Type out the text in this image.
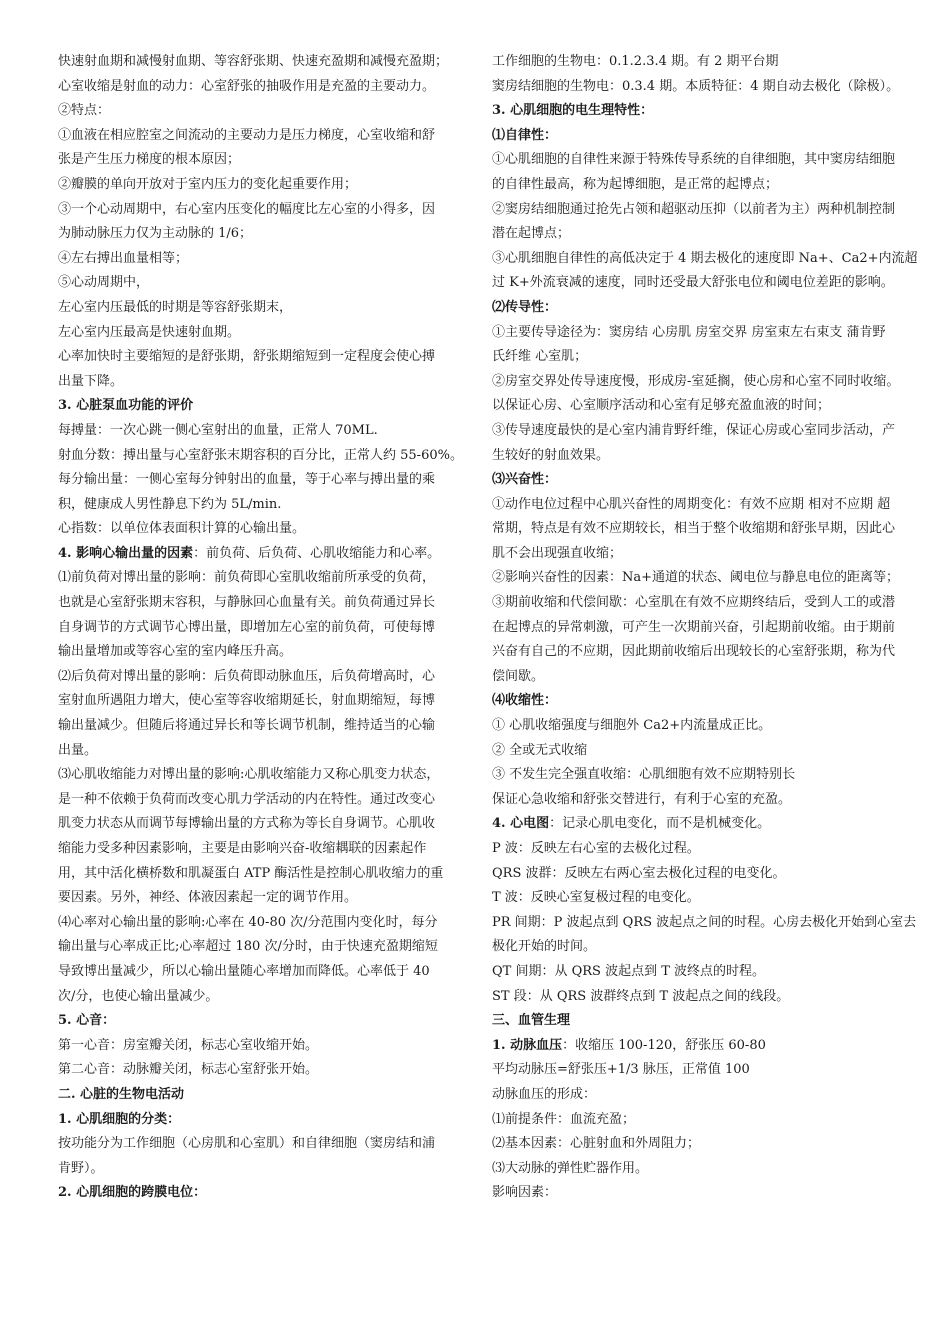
快速射血期和减慢射血期、等容舒张期、快速充盈期和减慢充盈期；
心室收缩是射血的动力：心室舒张的抽吸作用是充盈的主要动力。
②特点：
①血液在相应腔室之间流动的主要动力是压力梯度，心室收缩和舒
张是产生压力梯度的根本原因；
②瓣膜的单向开放对于室内压力的变化起重要作用；
③一个心动周期中，右心室内压变化的幅度比左心室的小得多，因
为肺动脉压力仅为主动脉的 1/6；
④左右搏出血量相等；
⑤心动周期中，
左心室内压最低的时期是等容舒张期末，
左心室内压最高是快速射血期。
心率加快时主要缩短的是舒张期，舒张期缩短到一定程度会使心搏
出量下降。
3. 心脏泵血功能的评价
每搏量：一次心跳一侧心室射出的血量，正常人 70ML.
射血分数：搏出量与心室舒张末期容积的百分比，正常人约 55-60%。
每分输出量：一侧心室每分钟射出的血量，等于心率与搏出量的乘
积，健康成人男性静息下约为 5L/min.
心指数：以单位体表面积计算的心输出量。
4. 影响心输出量的因素：前负荷、后负荷、心肌收缩能力和心率。
⑴前负荷对博出量的影响：前负荷即心室肌收缩前所承受的负荷，
也就是心室舒张期末容积，与静脉回心血量有关。前负荷通过异长
自身调节的方式调节心博出量，即增加左心室的前负荷，可使每博
输出量增加或等容心室的室内峰压升高。
⑵后负荷对博出量的影响：后负荷即动脉血压，后负荷增高时，心
室射血所遇阻力增大，使心室等容收缩期延长，射血期缩短，每博
输出量减少。但随后将通过异长和等长调节机制，维持适当的心输
出量。
⑶心肌收缩能力对博出量的影响:心肌收缩能力又称心肌变力状态，
是一种不依赖于负荷而改变心肌力学活动的内在特性。通过改变心
肌变力状态从而调节每博输出量的方式称为等长自身调节。心肌收
缩能力受多种因素影响，主要是由影响兴奋-收缩耦联的因素起作
用，其中活化横桥数和肌凝蛋白 ATP 酶活性是控制心肌收缩力的重
要因素。另外，神经、体液因素起一定的调节作用。
⑷心率对心输出量的影响:心率在 40-80 次/分范围内变化时，每分
输出量与心率成正比;心率超过 180 次/分时，由于快速充盈期缩短
导致博出量减少，所以心输出量随心率增加而降低。心率低于 40
次/分，也使心输出量减少。
5. 心音：
第一心音：房室瓣关闭，标志心室收缩开始。
第二心音：动脉瓣关闭，标志心室舒张开始。
二. 心脏的生物电活动
1. 心肌细胞的分类：
按功能分为工作细胞（心房肌和心室肌）和自律细胞（窦房结和浦
肯野）。
2. 心肌细胞的跨膜电位：
工作细胞的生物电：0.1.2.3.4 期。有 2 期平台期
窦房结细胞的生物电：0.3.4 期。本质特征：4 期自动去极化（除极）。
3. 心肌细胞的电生理特性：
⑴自律性：
①心肌细胞的自律性来源于特殊传导系统的自律细胞，其中窦房结细胞
的自律性最高，称为起博细胞，是正常的起博点；
②窦房结细胞通过抢先占领和超驱动压抑（以前者为主）两种机制控制
潜在起博点；
③心肌细胞自律性的高低决定于 4 期去极化的速度即 Na+、Ca2+内流超
过 K+外流衰减的速度，同时还受最大舒张电位和阈电位差距的影响。
⑵传导性：
①主要传导途径为：窦房结 心房肌 房室交界 房室束左右束支 蒲肯野
氏纤维 心室肌；
②房室交界处传导速度慢，形成房-室延搁，使心房和心室不同时收缩。
以保证心房、心室顺序活动和心室有足够充盈血液的时间；
③传导速度最快的是心室内浦肯野纤维，保证心房或心室同步活动，产
生较好的射血效果。
⑶兴奋性：
①动作电位过程中心肌兴奋性的周期变化：有效不应期 相对不应期 超
常期，特点是有效不应期较长，相当于整个收缩期和舒张早期，因此心
肌不会出现强直收缩；
②影响兴奋性的因素：Na+通道的状态、阈电位与静息电位的距离等；
③期前收缩和代偿间歇：心室肌在有效不应期终结后，受到人工的或潜
在起博点的异常刺激，可产生一次期前兴奋，引起期前收缩。由于期前
兴奋有自己的不应期，因此期前收缩后出现较长的心室舒张期，称为代
偿间歇。
⑷收缩性：
① 心肌收缩强度与细胞外 Ca2+内流量成正比。
② 全或无式收缩
③ 不发生完全强直收缩：心肌细胞有效不应期特别长
保证心急收缩和舒张交替进行，有利于心室的充盈。
4. 心电图：记录心肌电变化，而不是机械变化。
P 波：反映左右心室的去极化过程。
QRS 波群：反映左右两心室去极化过程的电变化。
T 波：反映心室复极过程的电变化。
PR 间期：P 波起点到 QRS 波起点之间的时程。心房去极化开始到心室去
极化开始的时间。
QT 间期：从 QRS 波起点到 T 波终点的时程。
ST 段：从 QRS 波群终点到 T 波起点之间的线段。
三、血管生理
1. 动脉血压：收缩压 100-120，舒张压 60-80
平均动脉压=舒张压+1/3 脉压，正常值 100
动脉血压的形成：
⑴前提条件：血流充盈；
⑵基本因素：心脏射血和外周阻力；
⑶大动脉的弹性贮器作用。
影响因素：
